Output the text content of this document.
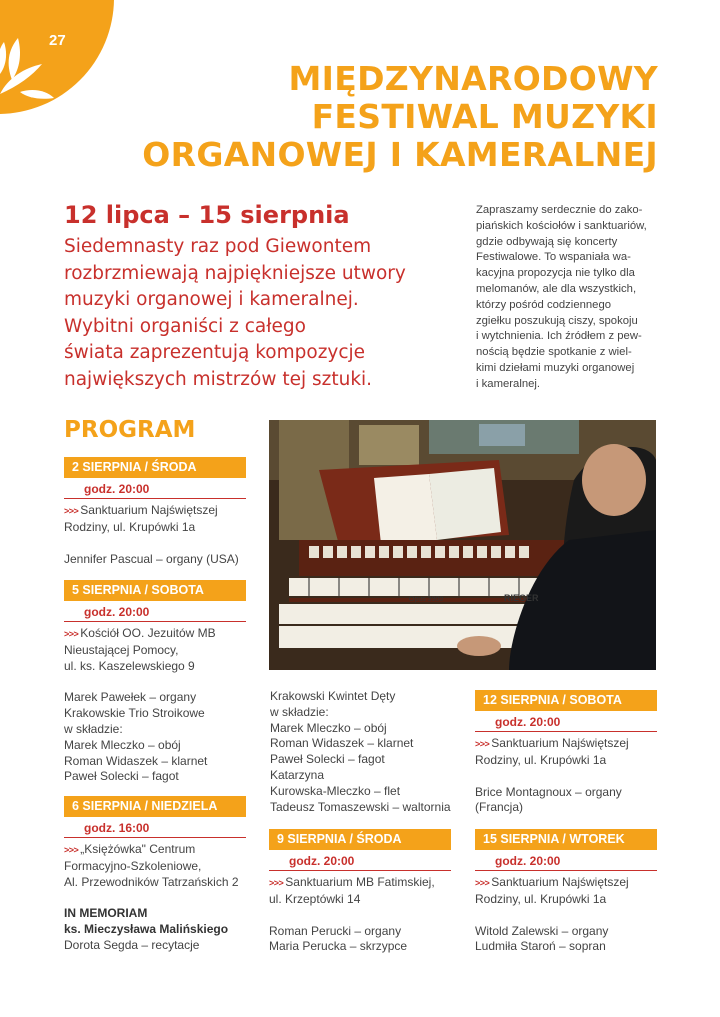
27
MIĘDZYNARODOWY
FESTIWAL MUZYKI
ORGANOWEJ I KAMERALNEJ
12 lipca – 15 sierpnia
Siedemnasty raz pod Giewontem
rozbrzmiewają najpiękniejsze utwory
muzyki organowej i kameralnej.
Wybitni organiści z całego
świata zaprezentują kompozycje
największych mistrzów tej sztuki.
Zapraszamy serdecznie do zako-
piańskich kościołów i sanktuariów,
gdzie odbywają się koncerty
Festiwalowe. To wspaniała wa-
kacyjna propozycja nie tylko dla
melomanów, ale dla wszystkich,
którzy pośród codziennego
zgiełku poszukują ciszy, spokoju
i wytchnienia. Ich źródłem z pew-
nością będzie spotkanie z wiel-
kimi dziełami muzyki organowej
i kameralnej.
PROGRAM
Opus 3900	RIEGER
2 SIERPNIA / ŚRODA
godz. 20:00
>>> Sanktuarium Najświętszej
Rodziny, ul. Krupówki 1a
Jennifer Pascual – organy (USA)
5 SIERPNIA / SOBOTA
godz. 20:00
>>> Kościół OO. Jezuitów MB
Nieustającej Pomocy,
ul. ks. Kaszelewskiego 9
Marek Pawełek – organy
Krakowskie Trio Stroikowe
w składzie:
Marek Mleczko – obój
Roman Widaszek – klarnet
Paweł Solecki – fagot
6 SIERPNIA / NIEDZIELA
godz. 16:00
>>> „Księżówka" Centrum
Formacyjno-Szkoleniowe,
Al. Przewodników Tatrzańskich 2
IN MEMORIAM
ks. Mieczysława Malińskiego
Dorota Segda – recytacje
Krakowski Kwintet Dęty
w składzie:
Marek Mleczko – obój
Roman Widaszek – klarnet
Paweł Solecki – fagot
Katarzyna
Kurowska-Mleczko – flet
Tadeusz Tomaszewski – waltornia
9 SIERPNIA / ŚRODA
godz. 20:00
>>> Sanktuarium MB Fatimskiej,
ul. Krzeptówki 14
Roman Perucki – organy
Maria Perucka – skrzypce
12 SIERPNIA / SOBOTA
godz. 20:00
>>> Sanktuarium Najświętszej
Rodziny, ul. Krupówki 1a
Brice Montagnoux – organy
(Francja)
15 SIERPNIA / WTOREK
godz. 20:00
>>> Sanktuarium Najświętszej
Rodziny, ul. Krupówki 1a
Witold Zalewski – organy
Ludmiła Staroń – sopran
